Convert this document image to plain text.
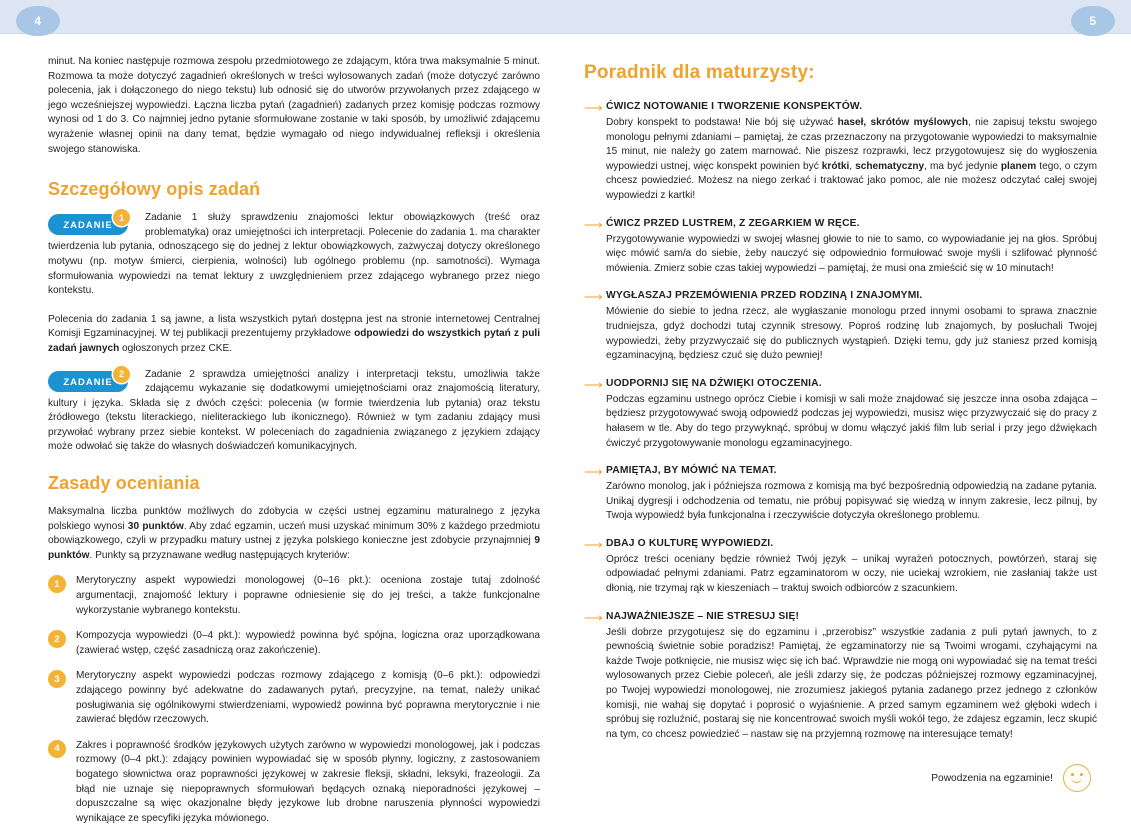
4	5

minut. Na koniec następuje rozmowa zespołu przedmiotowego ze zdającym, która trwa maksymalnie 5 minut. Rozmowa ta może dotyczyć zagadnień określonych w treści wylosowanych zadań (może dotyczyć zarówno polecenia, jak i dołączonego do niego tekstu) lub odnosić się do utworów przywołanych przez zdającego w jego wcześniejszej wypowiedzi. Łączna liczba pytań (zagadnień) zadanych przez komisję podczas rozmowy wynosi od 1 do 3. Co najmniej jedno pytanie sformułowane zostanie w taki sposób, by umożliwić zdającemu wyrażenie własnej opinii na dany temat, będzie wymagało od niego indywidualnej refleksji i określenia swojego stanowiska.

Szczegółowy opis zadań
ZADANIE
1	Zadanie 1 służy sprawdzeniu znajomości lektur obowiązkowych (treść oraz problematyka) oraz umiejętności ich interpretacji. Polecenie do zadania 1. ma charakter twierdzenia lub pytania, odnoszącego się do jednej z lektur obowiązkowych, zazwyczaj dotyczy określonego motywu (np. motyw śmierci, cierpienia, wolności) lub ogólnego problemu (np. samotności). Wymaga sformułowania wypowiedzi na temat lektury z uwzględnieniem przez zdającego wybranego przez niego kontekstu.

Polecenia do zadania 1 są jawne, a lista wszystkich pytań dostępna jest na stronie internetowej Centralnej Komisji Egzaminacyjnej. W tej publikacji prezentujemy przykładowe odpowiedzi do wszystkich pytań z puli zadań jawnych ogłoszonych przez CKE.

ZADANIE
2	Zadanie 2 sprawdza umiejętności analizy i interpretacji tekstu, umożliwia także zdającemu wykazanie się dodatkowymi umiejętnościami oraz znajomością literatury, kultury i języka. Składa się z dwóch części: polecenia (w formie twierdzenia lub pytania) oraz tekstu źródłowego (tekstu literackiego, nieliterackiego lub ikonicznego). Również w tym zadaniu zdający musi przywołać wybrany przez siebie kontekst. W poleceniach do zagadnienia związanego z językiem zdający może odwołać się także do własnych doświadczeń komunikacyjnych.
Zasady oceniania

Maksymalna liczba punktów możliwych do zdobycia w części ustnej egzaminu maturalnego z języka polskiego wynosi 30 punktów. Aby zdać egzamin, uczeń musi uzyskać minimum 30% z każdego przedmiotu obowiązkowego, czyli w przypadku matury ustnej z języka polskiego konieczne jest zdobycie przynajmniej 9 punktów. Punkty są przyznawane według następujących kryteriów:

1	Merytoryczny aspekt wypowiedzi monologowej (0–16 pkt.): oceniona zostaje tutaj zdolność argumentacji, znajomość lektury i poprawne odniesienie się do jej treści, a także funkcjonalne wykorzystanie wybranego kontekstu.
2	Kompozycja wypowiedzi (0–4 pkt.): wypowiedź powinna być spójna, logiczna oraz uporządkowana (zawierać wstęp, część zasadniczą oraz zakończenie).
3	Merytoryczny aspekt wypowiedzi podczas rozmowy zdającego z komisją (0–6 pkt.): odpowiedzi zdającego powinny być adekwatne do zadawanych pytań, precyzyjne, na temat, należy unikać posługiwania się ogólnikowymi stwierdzeniami, wypowiedź powinna być poprawna merytorycznie i nie zawierać błędów rzeczowych.
4	Zakres i poprawność środków językowych użytych zarówno w wypowiedzi monologowej, jak i podczas rozmowy (0–4 pkt.): zdający powinien wypowiadać się w sposób płynny, logiczny, z zastosowaniem bogatego słownictwa oraz poprawności językowej w zakresie fleksji, składni, leksyki, frazeologii. Za błąd nie uznaje się niepoprawnych sformułowań będących oznaką nieporadności językowej – dopuszczalne są więc okazjonalne błędy językowe lub drobne naruszenia płynności wypowiedzi wynikające ze specyfiki języka mówionego.
Poradnik dla maturzysty:
⟶ ĆWICZ NOTOWANIE I TWORZENIE KONSPEKTÓW.
Dobry konspekt to podstawa! Nie bój się używać haseł, skrótów myślowych, nie zapisuj tekstu swojego monologu pełnymi zdaniami – pamiętaj, że czas przeznaczony na przygotowanie wypowiedzi to maksymalnie 15 minut, nie należy go zatem marnować. Nie piszesz rozprawki, lecz przygotowujesz się do wygłoszenia wypowiedzi ustnej, więc konspekt powinien być krótki, schematyczny, ma być jedynie planem tego, o czym chcesz powiedzieć. Możesz na niego zerkać i traktować jako pomoc, ale nie możesz odczytać całej swojej wypowiedzi z kartki!
⟶ ĆWICZ PRZED LUSTREM, Z ZEGARKIEM W RĘCE.
Przygotowywanie wypowiedzi w swojej własnej głowie to nie to samo, co wypowiadanie jej na głos. Spróbuj więc mówić sam/a do siebie, żeby nauczyć się odpowiednio formułować swoje myśli i szlifować płynność mówienia. Zmierz sobie czas takiej wypowiedzi – pamiętaj, że musi ona zmieścić się w 10 minutach!
⟶ WYGŁASZAJ PRZEMÓWIENIA PRZED RODZINĄ I ZNAJOMYMI.
Mówienie do siebie to jedna rzecz, ale wygłaszanie monologu przed innymi osobami to sprawa znacznie trudniejsza, gdyż dochodzi tutaj czynnik stresowy. Poproś rodzinę lub znajomych, by posłuchali Twojej wypowiedzi, żeby przyzwyczaić się do publicznych wystąpień. Dzięki temu, gdy już staniesz przed komisją egzaminacyjną, będziesz czuć się dużo pewniej!
⟶ UODPORNIJ SIĘ NA DŹWIĘKI OTOCZENIA.
Podczas egzaminu ustnego oprócz Ciebie i komisji w sali może znajdować się jeszcze inna osoba zdająca – będziesz przygotowywać swoją odpowiedź podczas jej wypowiedzi, musisz więc przyzwyczaić się do pracy z hałasem w tle. Aby do tego przywyknąć, spróbuj w domu włączyć jakiś film lub serial i przy jego dźwiękach ćwiczyć przygotowywanie monologu egzaminacyjnego.
⟶ PAMIĘTAJ, BY MÓWIĆ NA TEMAT.
Zarówno monolog, jak i późniejsza rozmowa z komisją ma być bezpośrednią odpowiedzią na zadane pytania. Unikaj dygresji i odchodzenia od tematu, nie próbuj popisywać się wiedzą w innym zakresie, lecz pilnuj, by Twoja wypowiedź była funkcjonalna i rzeczywiście dotyczyła określonego problemu.
⟶ DBAJ O KULTURĘ WYPOWIEDZI.
Oprócz treści oceniany będzie również Twój język – unikaj wyrażeń potocznych, powtórzeń, staraj się odpowiadać pełnymi zdaniami. Patrz egzaminatorom w oczy, nie uciekaj wzrokiem, nie zasłaniaj także ust dłonią, nie trzymaj rąk w kieszeniach – traktuj swoich odbiorców z szacunkiem.
⟶ NAJWAŻNIEJSZE – NIE STRESUJ SIĘ!
Jeśli dobrze przygotujesz się do egzaminu i „przerobisz” wszystkie zadania z puli pytań jawnych, to z pewnością świetnie sobie poradzisz! Pamiętaj, że egzaminatorzy nie są Twoimi wrogami, czyhającymi na każde Twoje potknięcie, nie musisz więc się ich bać. Wprawdzie nie mogą oni wypowiadać się na temat treści wylosowanych przez Ciebie poleceń, ale jeśli zdarzy się, że podczas późniejszej rozmowy egzaminacyjnej, po Twojej wypowiedzi monologowej, nie zrozumiesz jakiegoś pytania zadanego przez jednego z członków komisji, nie wahaj się dopytać i poprosić o wyjaśnienie. A przed samym egzaminem weź głęboki wdech i spróbuj się rozluźnić, postaraj się nie koncentrować swoich myśli wokół tego, że zdajesz egzamin, lecz skupić na tym, co chcesz powiedzieć – nastaw się na przyjemną rozmowę na interesujące tematy!
Powodzenia na egzaminie!
